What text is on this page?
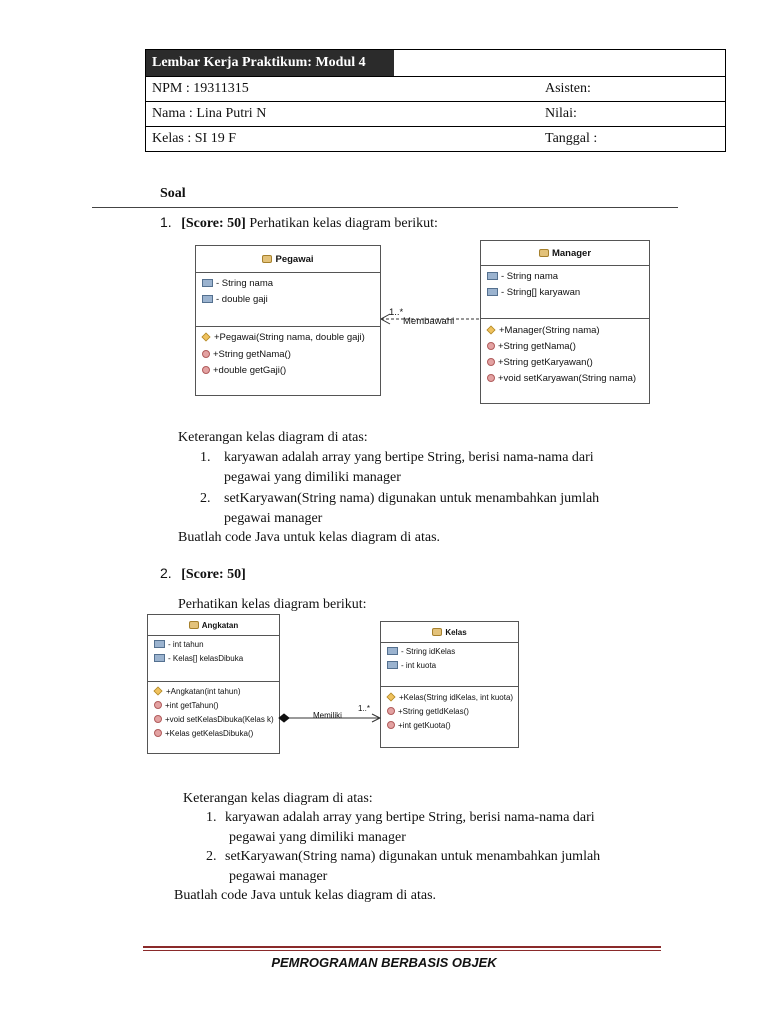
Lembar Kerja Praktikum: Modul 4
NPM : 19311315	Asisten:
Nama : Lina Putri N	Nilai:
Kelas : SI 19 F	Tanggal :
Soal
1. [Score: 50] Perhatikan kelas diagram berikut:
Pegawai
- String nama
- double gaji
+Pegawai(String nama, double gaji)
+String getNama()
+double getGaji()
Manager
- String nama
- String[] karyawan
+Manager(String nama)
+String getNama()
+String getKaryawan()
+void setKaryawan(String nama)
1..*
Membawahi
Keterangan kelas diagram di atas:
1. karyawan adalah array yang bertipe String, berisi nama-nama dari
pegawai yang dimiliki manager
2. setKaryawan(String nama) digunakan untuk menambahkan jumlah
pegawai manager
Buatlah code Java untuk kelas diagram di atas.
2. [Score: 50]
Perhatikan kelas diagram berikut:
Angkatan
- int tahun
- Kelas[] kelasDibuka
+Angkatan(int tahun)
+int getTahun()
+void setKelasDibuka(Kelas k)
+Kelas getKelasDibuka()
Kelas
- String idKelas
- int kuota
+Kelas(String idKelas, int kuota)
+String getIdKelas()
+int getKuota()
Memiliki
1..*
Keterangan kelas diagram di atas:
1. karyawan adalah array yang bertipe String, berisi nama-nama dari
pegawai yang dimiliki manager
2. setKaryawan(String nama) digunakan untuk menambahkan jumlah
pegawai manager
Buatlah code Java untuk kelas diagram di atas.
PEMROGRAMAN BERBASIS OBJEK
